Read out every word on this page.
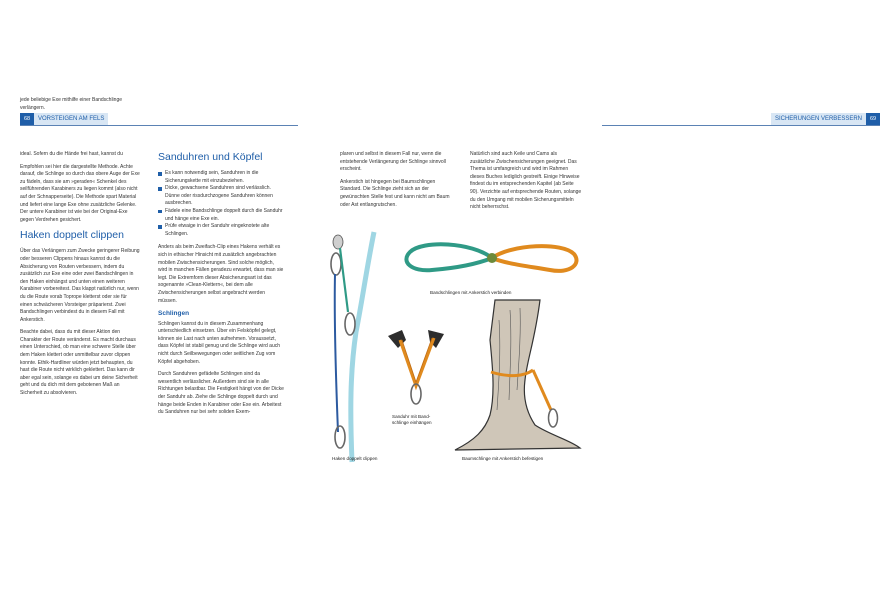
68	VORSTEIGEN AM FELS

jede beliebige Exe mithilfe einer Bandschlinge verlängern.

ideal. Sofern du die Hände frei hast, kannst du

Empfohlen sei hier die dargestellte Methode. Achte darauf, die Schlinge so durch das obere Auge der Exe zu fädeln, dass sie am »geraden« Schenkel des seilführenden Karabiners zu liegen kommt (also nicht auf der Schnapperseite). Die Methode spart Material und liefert eine lange Exe ohne zusätzliche Gelenke. Der untere Karabiner ist wie bei der Original-Exe gegen Verdrehen gesichert.

Haken doppelt clippen

Über das Verlängern zum Zwecke geringerer Reibung oder besseren Clippens hinaus kannst du die Absicherung von Routen verbessern, indem du zusätzlich zur Exe eine oder zwei Bandschlingen in den Haken einhängst und unten einen weiteren Karabiner vorbereitest. Das klappt natürlich nur, wenn du die Route vorab Toprope kletterst oder sie für einen schwächeren Vorsteiger präparierst. Zwei Bandschlingen verbindest du in diesem Fall mit Ankerstich.

Beachte dabei, dass du mit dieser Aktion den Charakter der Route veränderst. Es macht durchaus einen Unterschied, ob man eine schwere Stelle über dem Haken klettert oder unmittelbar zuvor clippen konnte. Ethik-Hardliner würden jetzt behaupten, du hast die Route nicht wirklich geklettert. Das kann dir aber egal sein, solange es dabei um deine Sicherheit geht und du dich mit dem gebotenen Maß an Sicherheit zu absolvieren.

Sanduhren und Köpfel
Es kann notwendig sein, Sanduhren in die Sicherungskette mit einzubeziehen.
Dicke, gewachsene Sanduhren sind verlässlich. Dünne oder rissdurchzogene Sanduhren können ausbrechen.
Fädele eine Bandschlinge doppelt durch die Sanduhr und hänge eine Exe ein.
Prüfe etwaige in der Sanduhr eingeknotete alte Schlingen.

Anders als beim Zweifach-Clip eines Hakens verhält es sich in ethischer Hinsicht mit zusätzlich angebrachten mobilen Zwischensicherungen. Sind solche möglich, wird in manchen Fällen geradezu erwartet, dass man sie legt. Die Extremform dieser Absicherungsart ist das sogenannte »Clean-Klettern«, bei dem alle Zwischensicherungen selbst angebracht werden müssen.

Schlingen

Schlingen kannst du in diesem Zusammenhang unterschiedlich einsetzen. Über ein Felsköpfel gelegt, können sie Last nach unten aufnehmen. Voraussetzt, dass Köpfel ist stabil genug und die Schlinge wird auch nicht durch Seilbewegungen oder seitlichen Zug vom Köpfel abgehoben.

Durch Sanduhren gefädelte Schlingen sind da wesentlich verlässlicher. Außerdem sind sie in alle Richtungen belastbar. Die Festigkeit hängt von der Dicke der Sanduhr ab. Ziehe die Schlinge doppelt durch und hänge beide Enden in Karabiner oder Exe ein. Arbeitest du Sanduhren nur bei sehr soliden Exem-

SICHERUNGEN VERBESSERN	69

plaren und selbst in diesem Fall nur, wenn die entstehende Verlängerung der Schlinge sinnvoll erscheint.

Ankerstich ist hingegen bei Baumschlingen Standard. Die Schlinge zieht sich an der gewünschten Stelle fest und kann nicht am Baum oder Ast entlangrutschen.

Natürlich sind auch Keile und Cams als zusätzliche Zwischensicherungen geeignet. Das Thema ist umfangreich und wird im Rahmen dieses Buches lediglich gestreift. Einige Hinweise findest du im entsprechenden Kapitel (ab Seite 90). Verzichte auf entsprechende Routen, solange du den Umgang mit mobilen Sicherungsmitteln nicht beherrschst.

Bandschlingen mit Ankerstich verbinden
Sanduhr mit Band-
schlinge einhängen
Baumschlinge mit Ankerstich befestigen
Haken doppelt clippen
